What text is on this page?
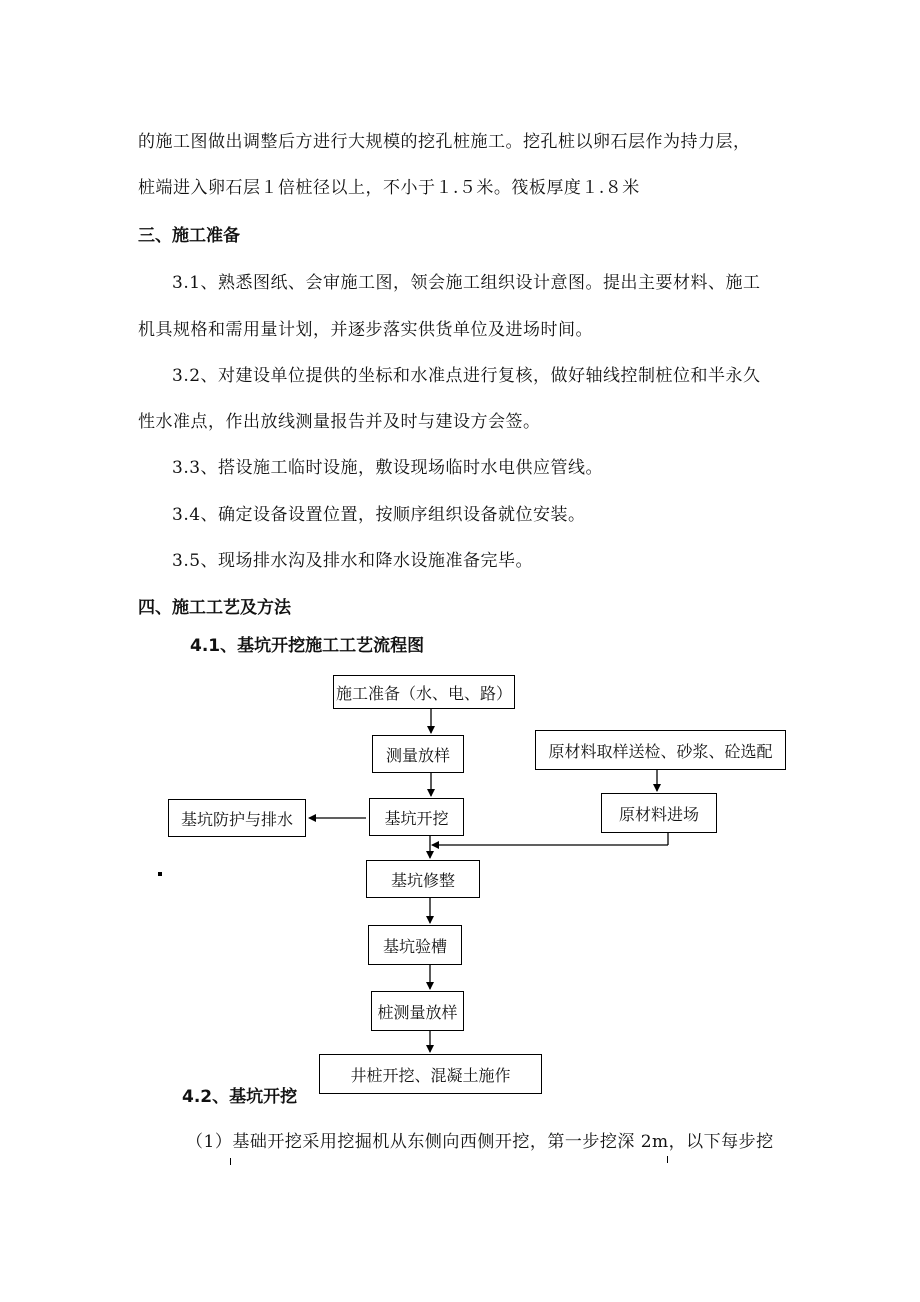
的施工图做出调整后方进行大规模的挖孔桩施工。挖孔桩以卵石层作为持力层，
桩端进入卵石层１倍桩径以上，不小于１.５米。筏板厚度１.８米
三、施工准备
3.1、熟悉图纸、会审施工图，领会施工组织设计意图。提出主要材料、施工
机具规格和需用量计划，并逐步落实供货单位及进场时间。
3.2、对建设单位提供的坐标和水准点进行复核，做好轴线控制桩位和半永久
性水准点，作出放线测量报告并及时与建设方会签。
3.3、搭设施工临时设施，敷设现场临时水电供应管线。
3.4、确定设备设置位置，按顺序组织设备就位安装。
3.5、现场排水沟及排水和降水设施准备完毕。
四、施工工艺及方法
4.1、基坑开挖施工工艺流程图
施工准备（水、电、路）
测量放样	原材料取样送检、砂浆、砼选配
基坑防护与排水	基坑开挖	原材料进场
基坑修整
基坑验槽
桩测量放样
井桩开挖、混凝土施作
4.2、基坑开挖
（1）基础开挖采用挖掘机从东侧向西侧开挖，第一步挖深 2m，以下每步挖
